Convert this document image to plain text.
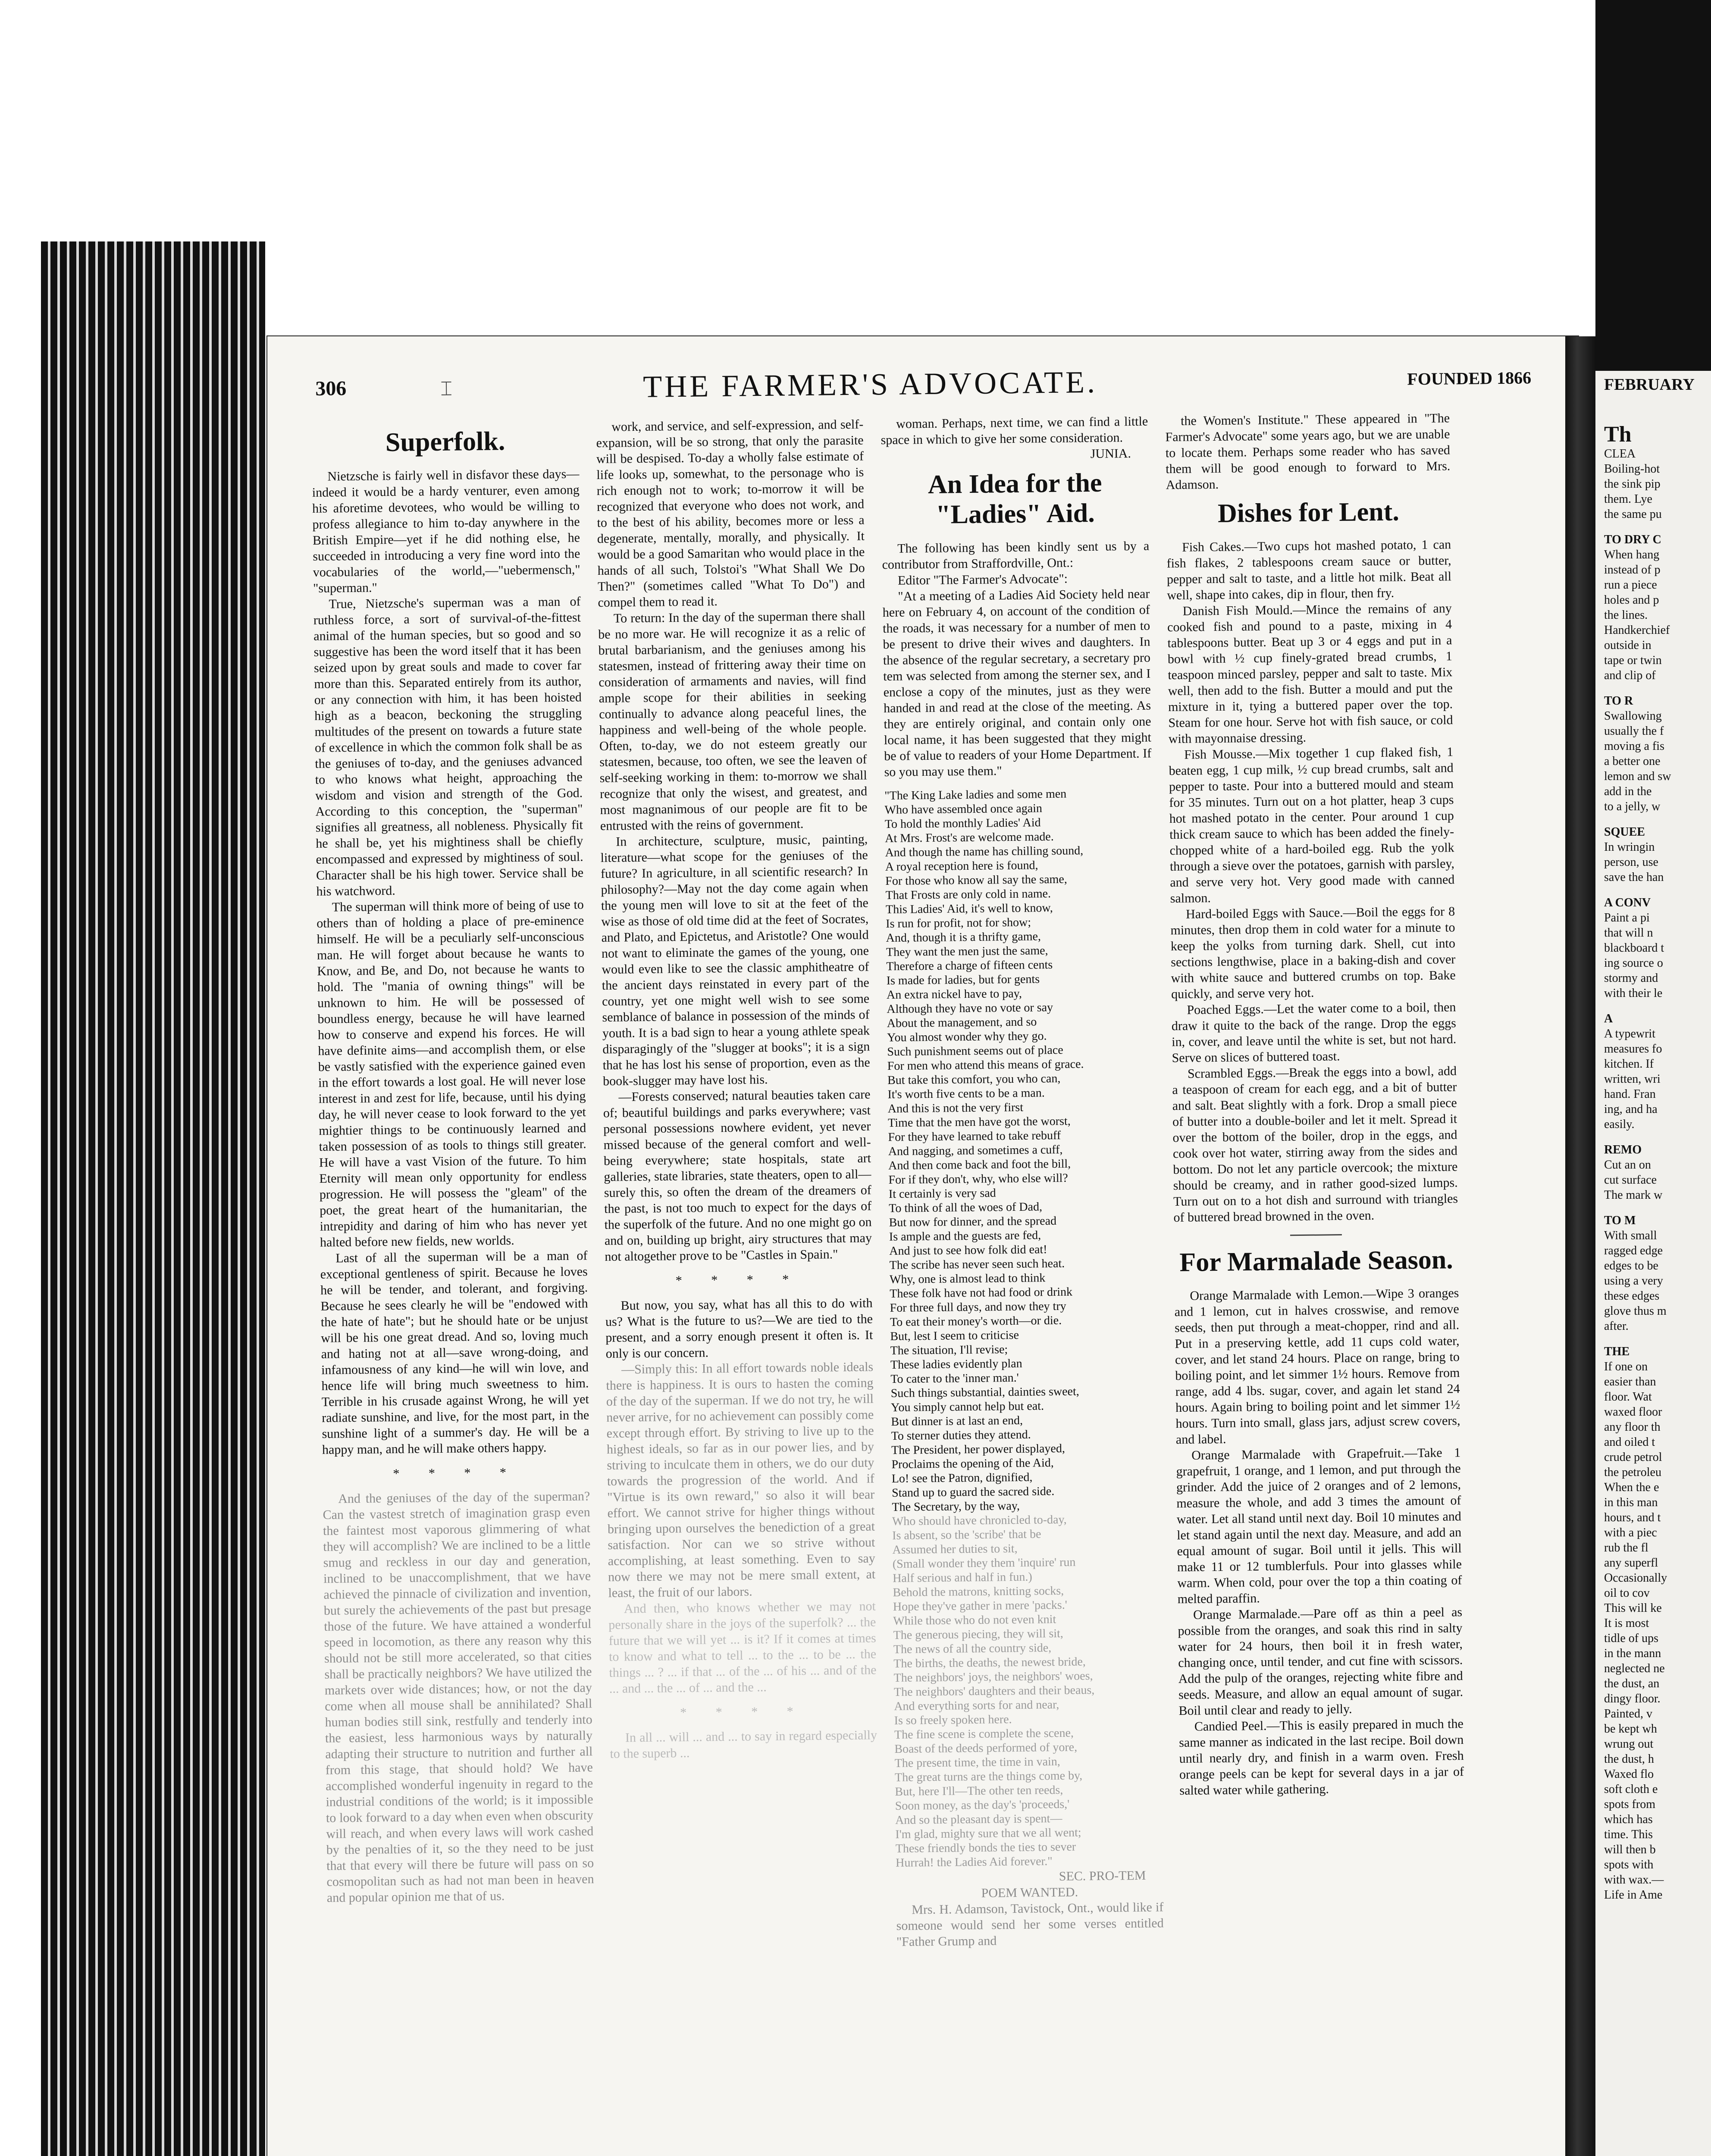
306	⌶	THE FARMER'S ADVOCATE.	FOUNDED 1866
Superfolk.

Nietzsche is fairly well in disfavor these days—indeed it would be a hardy venturer, even among his aforetime devotees, who would be willing to profess allegiance to him to-day anywhere in the British Empire—yet if he did nothing else, he succeeded in introducing a very fine word into the vocabularies of the world,—"uebermensch," "superman."

True, Nietzsche's superman was a man of ruthless force, a sort of survival-of-the-fittest animal of the human species, but so good and so suggestive has been the word itself that it has been seized upon by great souls and made to cover far more than this. Separated entirely from its author, or any connection with him, it has been hoisted high as a beacon, beckoning the struggling multitudes of the present on towards a future state of excellence in which the common folk shall be as the geniuses of to-day, and the geniuses advanced to who knows what height, approaching the wisdom and vision and strength of the God. According to this conception, the "superman" signifies all greatness, all nobleness. Physically fit he shall be, yet his mightiness shall be chiefly encompassed and expressed by mightiness of soul. Character shall be his high tower. Service shall be his watchword.

The superman will think more of being of use to others than of holding a place of pre-eminence himself. He will be a peculiarly self-unconscious man. He will forget about because he wants to Know, and Be, and Do, not because he wants to hold. The "mania of owning things" will be unknown to him. He will be possessed of boundless energy, because he will have learned how to conserve and expend his forces. He will have definite aims—and accomplish them, or else be vastly satisfied with the experience gained even in the effort towards a lost goal. He will never lose interest in and zest for life, because, until his dying day, he will never cease to look forward to the yet mightier things to be continuously learned and taken possession of as tools to things still greater. He will have a vast Vision of the future. To him Eternity will mean only opportunity for endless progression. He will possess the "gleam" of the poet, the great heart of the humanitarian, the intrepidity and daring of him who has never yet halted before new fields, new worlds.

Last of all the superman will be a man of exceptional gentleness of spirit. Because he loves he will be tender, and tolerant, and forgiving. Because he sees clearly he will be "endowed with the hate of hate"; but he should hate or be unjust will be his one great dread. And so, loving much and hating not at all—save wrong-doing, and infamousness of any kind—he will win love, and hence life will bring much sweetness to him. Terrible in his crusade against Wrong, he will yet radiate sunshine, and live, for the most part, in the sunshine light of a summer's day. He will be a happy man, and he will make others happy.

* * * *

And the geniuses of the day of the superman? Can the vastest stretch of imagination grasp even the faintest most vaporous glimmering of what they will accomplish? We are inclined to be a little smug and reckless in our day and generation, inclined to be unaccomplishment, that we have achieved the pinnacle of civilization and invention, but surely the achievements of the past but presage those of the future. We have attained a wonderful speed in locomotion, as there any reason why this should not be still more accelerated, so that cities shall be practically neighbors? We have utilized the markets over wide distances; how, or not the day come when all mouse shall be annihilated? Shall human bodies still sink, restfully and tenderly into the easiest, less harmonious ways by naturally adapting their structure to nutrition and further all from this stage, that should hold? We have accomplished wonderful ingenuity in regard to the industrial conditions of the world; is it impossible to look forward to a day when even when obscurity will reach, and when every laws will work cashed by the penalties of it, so the they need to be just that that every will there be future will pass on so cosmopolitan such as had not man been in heaven and popular opinion me that of us.

work, and service, and self-expression, and self-expansion, will be so strong, that only the parasite will be despised. To-day a wholly false estimate of life looks up, somewhat, to the personage who is rich enough not to work; to-morrow it will be recognized that everyone who does not work, and to the best of his ability, becomes more or less a degenerate, mentally, morally, and physically. It would be a good Samaritan who would place in the hands of all such, Tolstoi's "What Shall We Do Then?" (sometimes called "What To Do") and compel them to read it.

To return: In the day of the superman there shall be no more war. He will recognize it as a relic of brutal barbarianism, and the geniuses among his statesmen, instead of frittering away their time on consideration of armaments and navies, will find ample scope for their abilities in seeking continually to advance along peaceful lines, the happiness and well-being of the whole people. Often, to-day, we do not esteem greatly our statesmen, because, too often, we see the leaven of self-seeking working in them: to-morrow we shall recognize that only the wisest, and greatest, and most magnanimous of our people are fit to be entrusted with the reins of government.

In architecture, sculpture, music, painting, literature—what scope for the geniuses of the future? In agriculture, in all scientific research? In philosophy?—May not the day come again when the young men will love to sit at the feet of the wise as those of old time did at the feet of Socrates, and Plato, and Epictetus, and Aristotle? One would not want to eliminate the games of the young, one would even like to see the classic amphitheatre of the ancient days reinstated in every part of the country, yet one might well wish to see some semblance of balance in possession of the minds of youth. It is a bad sign to hear a young athlete speak disparagingly of the "slugger at books"; it is a sign that he has lost his sense of proportion, even as the book-slugger may have lost his.

—Forests conserved; natural beauties taken care of; beautiful buildings and parks everywhere; vast personal possessions nowhere evident, yet never missed because of the general comfort and well-being everywhere; state hospitals, state art galleries, state libraries, state theaters, open to all—surely this, so often the dream of the dreamers of the past, is not too much to expect for the days of the superfolk of the future. And no one might go on and on, building up bright, airy structures that may not altogether prove to be "Castles in Spain."

* * * *

But now, you say, what has all this to do with us? What is the future to us?—We are tied to the present, and a sorry enough present it often is. It only is our concern.

—Simply this: In all effort towards noble ideals there is happiness. It is ours to hasten the coming of the day of the superman. If we do not try, he will never arrive, for no achievement can possibly come except through effort. By striving to live up to the highest ideals, so far as in our power lies, and by striving to inculcate them in others, we do our duty towards the progression of the world. And if "Virtue is its own reward," so also it will bear effort. We cannot strive for higher things without bringing upon ourselves the benediction of a great satisfaction. Nor can we so strive without accomplishing, at least something. Even to say now there we may not be mere small extent, at least, the fruit of our labors.

And then, who knows whether we may not personally share in the joys of the superfolk? ... the future that we will yet ... is it? If it comes at times to know and what to tell ... to the ... to be ... the things ... ? ... if that ... of the ... of his ... and of the ... and ... the ... of ... and the ...

* * * *

In all ... will ... and ... to say in regard especially to the superb ...

woman. Perhaps, next time, we can find a little space in which to give her some consideration.

JUNIA.

An Idea for the "Ladies" Aid.

The following has been kindly sent us by a contributor from Straffordville, Ont.:

Editor "The Farmer's Advocate":

"At a meeting of a Ladies Aid Society held near here on February 4, on account of the condition of the roads, it was necessary for a number of men to be present to drive their wives and daughters. In the absence of the regular secretary, a secretary pro tem was selected from among the sterner sex, and I enclose a copy of the minutes, just as they were handed in and read at the close of the meeting. As they are entirely original, and contain only one local name, it has been suggested that they might be of value to readers of your Home Department. If so you may use them."

"The King Lake ladies and some men
Who have assembled once again
To hold the monthly Ladies' Aid
At Mrs. Frost's are welcome made.
And though the name has chilling sound,
A royal reception here is found,
For those who know all say the same,
That Frosts are only cold in name.
This Ladies' Aid, it's well to know,
Is run for profit, not for show;
And, though it is a thrifty game,
They want the men just the same,
Therefore a charge of fifteen cents
Is made for ladies, but for gents
An extra nickel have to pay,
Although they have no vote or say
About the management, and so
You almost wonder why they go.
Such punishment seems out of place
For men who attend this means of grace.
But take this comfort, you who can,
It's worth five cents to be a man.
And this is not the very first
Time that the men have got the worst,
For they have learned to take rebuff
And nagging, and sometimes a cuff,
And then come back and foot the bill,
For if they don't, why, who else will?
It certainly is very sad
To think of all the woes of Dad,
But now for dinner, and the spread
Is ample and the guests are fed,
And just to see how folk did eat!
The scribe has never seen such heat.
Why, one is almost lead to think
These folk have not had food or drink
For three full days, and now they try
To eat their money's worth—or die.
But, lest I seem to criticise
The situation, I'll revise;
These ladies evidently plan
To cater to the 'inner man.'
Such things substantial, dainties sweet,
You simply cannot help but eat.
But dinner is at last an end,
To sterner duties they attend.
The President, her power displayed,
Proclaims the opening of the Aid,
Lo! see the Patron, dignified,
Stand up to guard the sacred side.
The Secretary, by the way,
Who should have chronicled to-day,
Is absent, so the 'scribe' that be
Assumed her duties to sit,
(Small wonder they them 'inquire' run
Half serious and half in fun.)
Behold the matrons, knitting socks,
Hope they've gather in mere 'packs.'
While those who do not even knit
The generous piecing, they will sit,
The news of all the country side,
The births, the deaths, the newest bride,
The neighbors' joys, the neighbors' woes,
The neighbors' daughters and their beaus,
And everything sorts for and near,
Is so freely spoken here.
The fine scene is complete the scene,
Boast of the deeds performed of yore,
The present time, the time in vain,
The great turns are the things come by,
But, here I'll—The other ten reeds,
Soon money, as the day's 'proceeds,'
And so the pleasant day is spent—
I'm glad, mighty sure that we all went;
These friendly bonds the ties to sever
Hurrah! the Ladies Aid forever."

SEC. PRO-TEM

POEM WANTED.

Mrs. H. Adamson, Tavistock, Ont., would like if someone would send her some verses entitled "Father Grump and

the Women's Institute." These appeared in "The Farmer's Advocate" some years ago, but we are unable to locate them. Perhaps some reader who has saved them will be good enough to forward to Mrs. Adamson.

Dishes for Lent.

Fish Cakes.—Two cups hot mashed potato, 1 can fish flakes, 2 tablespoons cream sauce or butter, pepper and salt to taste, and a little hot milk. Beat all well, shape into cakes, dip in flour, then fry.

Danish Fish Mould.—Mince the remains of any cooked fish and pound to a paste, mixing in 4 tablespoons butter. Beat up 3 or 4 eggs and put in a bowl with ½ cup finely-grated bread crumbs, 1 teaspoon minced parsley, pepper and salt to taste. Mix well, then add to the fish. Butter a mould and put the mixture in it, tying a buttered paper over the top. Steam for one hour. Serve hot with fish sauce, or cold with mayonnaise dressing.

Fish Mousse.—Mix together 1 cup flaked fish, 1 beaten egg, 1 cup milk, ½ cup bread crumbs, salt and pepper to taste. Pour into a buttered mould and steam for 35 minutes. Turn out on a hot platter, heap 3 cups hot mashed potato in the center. Pour around 1 cup thick cream sauce to which has been added the finely-chopped white of a hard-boiled egg. Rub the yolk through a sieve over the potatoes, garnish with parsley, and serve very hot. Very good made with canned salmon.

Hard-boiled Eggs with Sauce.—Boil the eggs for 8 minutes, then drop them in cold water for a minute to keep the yolks from turning dark. Shell, cut into sections lengthwise, place in a baking-dish and cover with white sauce and buttered crumbs on top. Bake quickly, and serve very hot.

Poached Eggs.—Let the water come to a boil, then draw it quite to the back of the range. Drop the eggs in, cover, and leave until the white is set, but not hard. Serve on slices of buttered toast.

Scrambled Eggs.—Break the eggs into a bowl, add a teaspoon of cream for each egg, and a bit of butter and salt. Beat slightly with a fork. Drop a small piece of butter into a double-boiler and let it melt. Spread it over the bottom of the boiler, drop in the eggs, and cook over hot water, stirring away from the sides and bottom. Do not let any particle overcook; the mixture should be creamy, and in rather good-sized lumps. Turn out on to a hot dish and surround with triangles of buttered bread browned in the oven.

For Marmalade Season.

Orange Marmalade with Lemon.—Wipe 3 oranges and 1 lemon, cut in halves crosswise, and remove seeds, then put through a meat-chopper, rind and all. Put in a preserving kettle, add 11 cups cold water, cover, and let stand 24 hours. Place on range, bring to boiling point, and let simmer 1½ hours. Remove from range, add 4 lbs. sugar, cover, and again let stand 24 hours. Again bring to boiling point and let simmer 1½ hours. Turn into small, glass jars, adjust screw covers, and label.

Orange Marmalade with Grapefruit.—Take 1 grapefruit, 1 orange, and 1 lemon, and put through the grinder. Add the juice of 2 oranges and of 2 lemons, measure the whole, and add 3 times the amount of water. Let all stand until next day. Boil 10 minutes and let stand again until the next day. Measure, and add an equal amount of sugar. Boil until it jells. This will make 11 or 12 tumblerfuls. Pour into glasses while warm. When cold, pour over the top a thin coating of melted paraffin.

Orange Marmalade.—Pare off as thin a peel as possible from the oranges, and soak this rind in salty water for 24 hours, then boil it in fresh water, changing once, until tender, and cut fine with scissors. Add the pulp of the oranges, rejecting white fibre and seeds. Measure, and allow an equal amount of sugar. Boil until clear and ready to jelly.

Candied Peel.—This is easily prepared in much the same manner as indicated in the last recipe. Boil down until nearly dry, and finish in a warm oven. Fresh orange peels can be kept for several days in a jar of salted water while gathering.

FEBRUARY
Th
CLEA
Boiling-hot
the sink pip
them. Lye
the same pu
TO DRY C
When hang
instead of p
run a piece
holes and p
the lines.
Handkerchief
outside in
tape or twin
and clip of
TO R
Swallowing
usually the f
moving a fis
a better one
lemon and sw
add in the
to a jelly, w
SQUEE
In wringin
person, use
save the han
A CONV
Paint a pi
that will n
blackboard t
ing source o
stormy and
with their le
A
A typewrit
measures fo
kitchen. If
written, wri
hand. Fran
ing, and ha
easily.
REMO
Cut an on
cut surface
The mark w
TO M
With small
ragged edge
edges to be
using a very
these edges
glove thus m
after.
THE
If one on
easier than
floor. Wat
waxed floor
any floor th
and oiled t
crude petrol
the petroleu
When the e
in this man
hours, and t
with a piec
rub the fl
any superfl
Occasionally
oil to cov
This will ke
It is most
tidle of ups
in the mann
neglected ne
the dust, an
dingy floor.
Painted, v
be kept wh
wrung out
the dust, h
Waxed flo
soft cloth e
spots from
which has
time. This
will then b
spots with
with wax.—
Life in Ame
